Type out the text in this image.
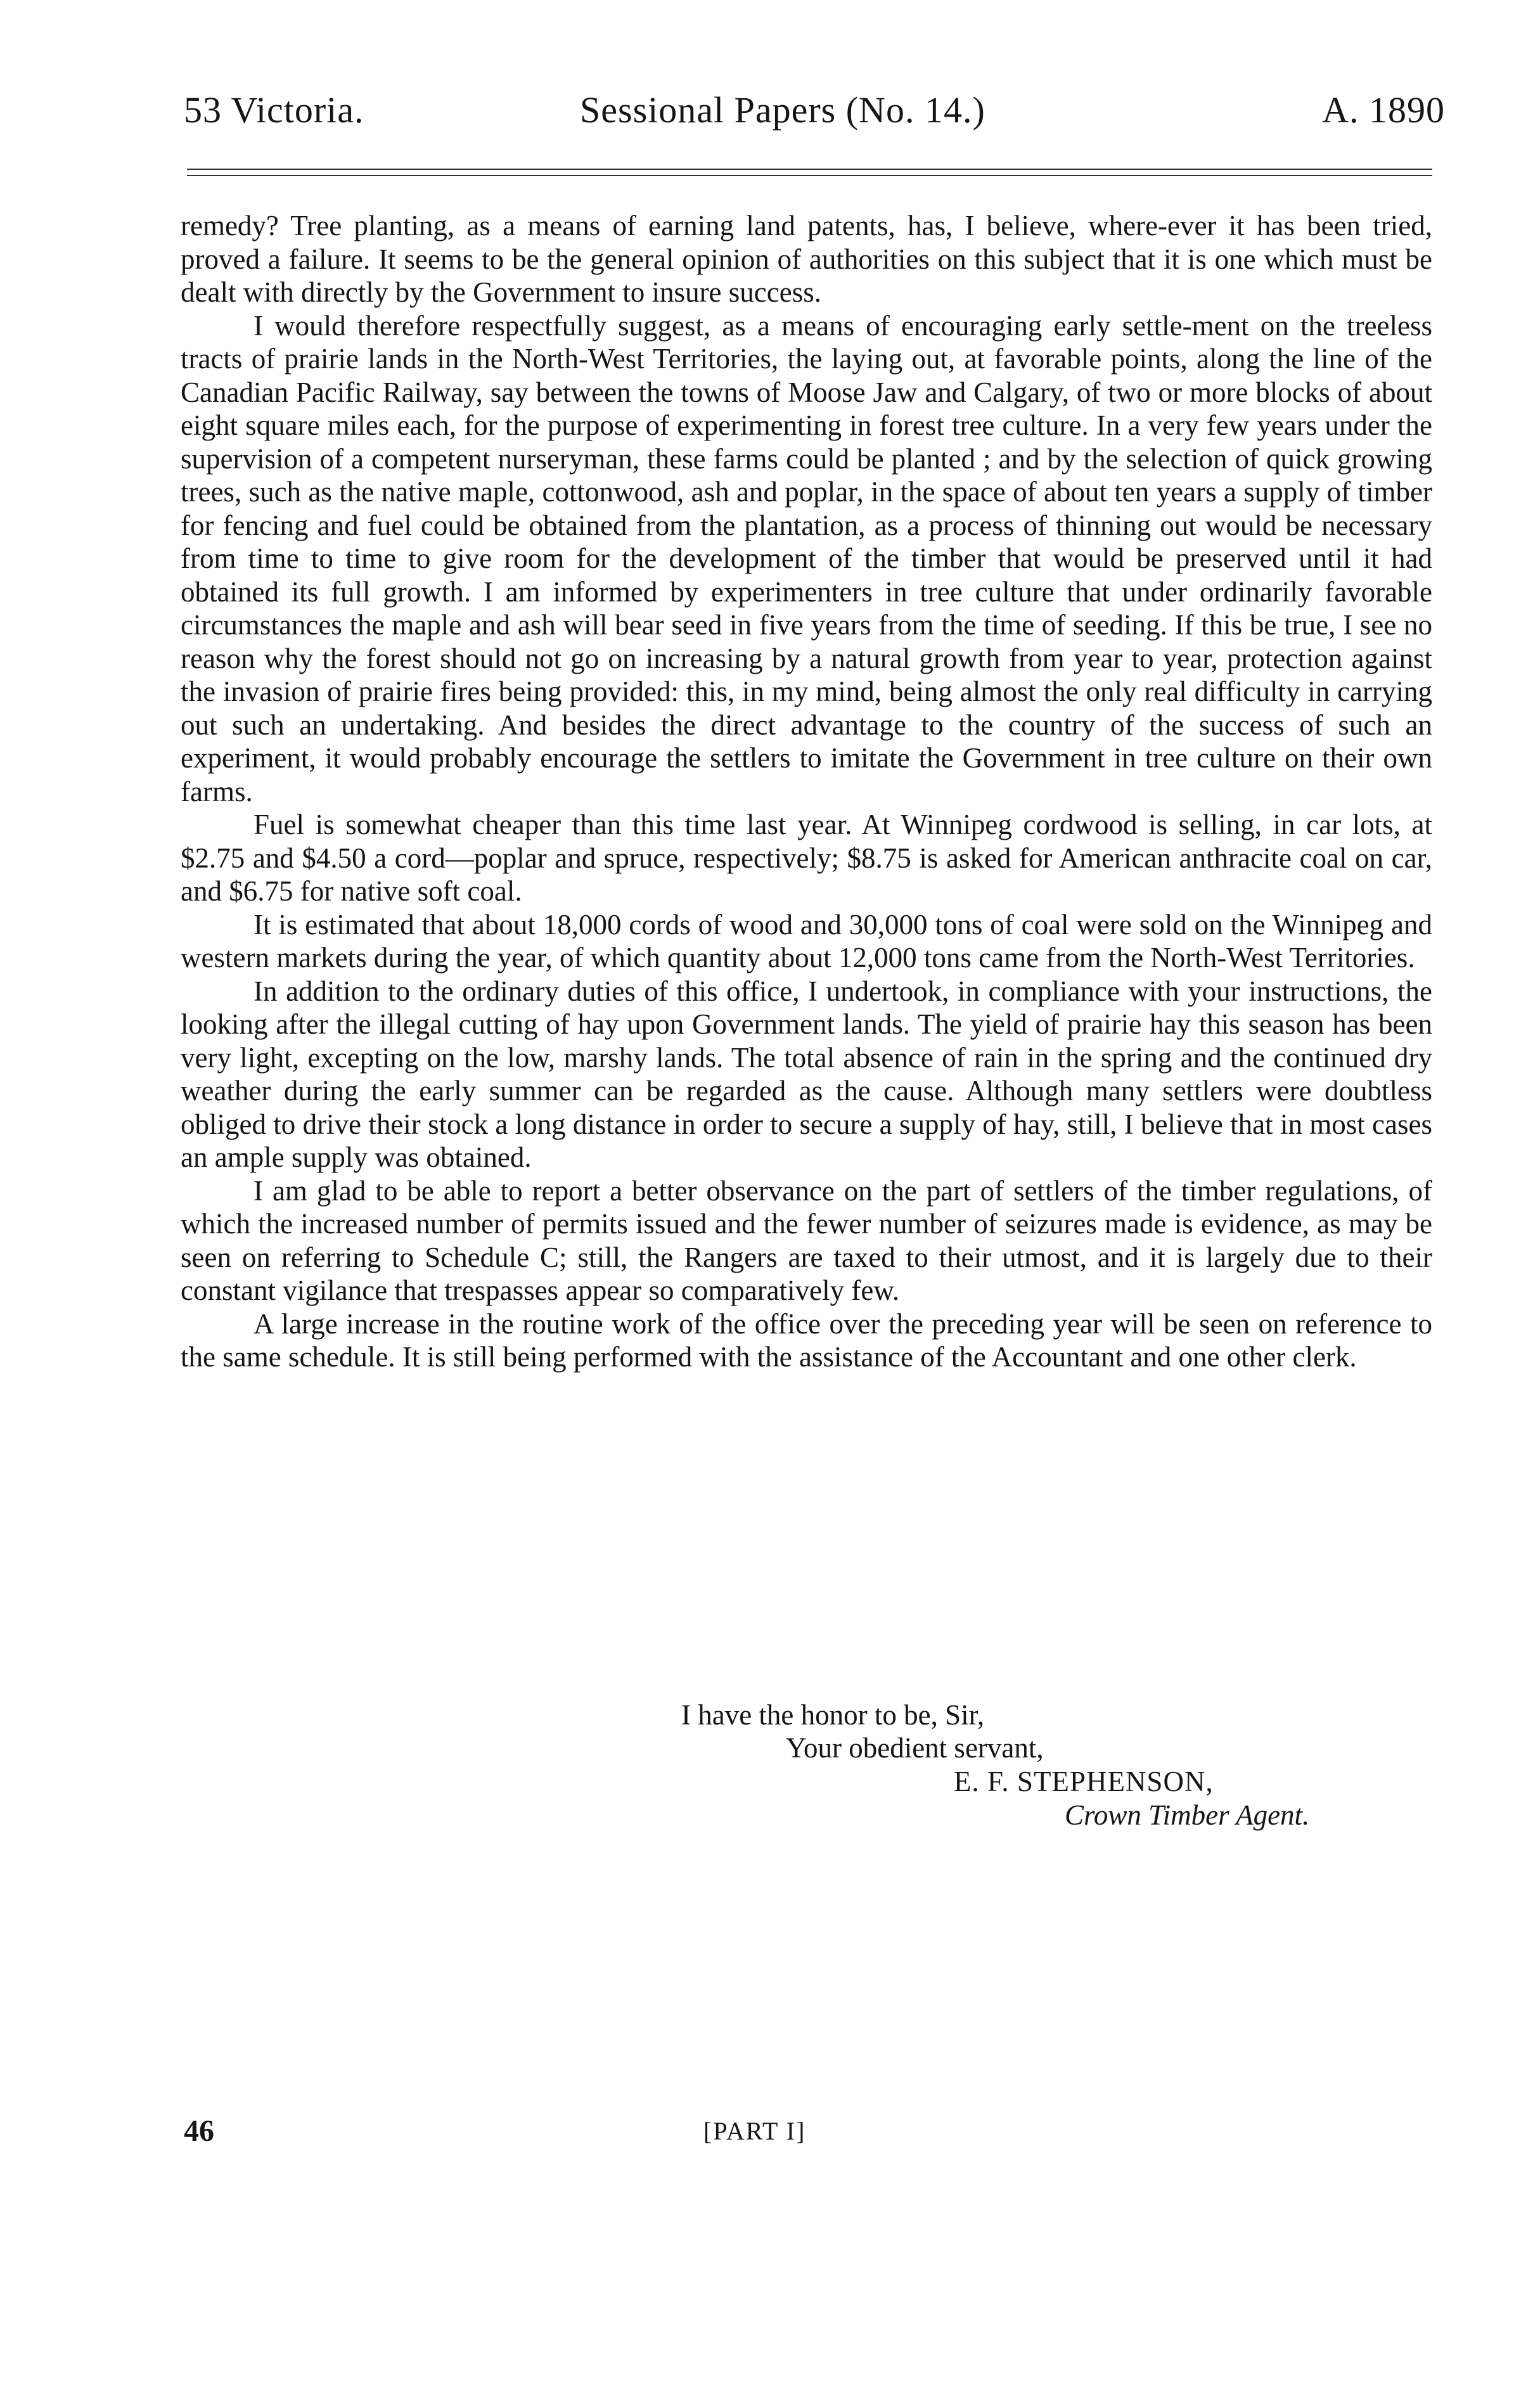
53 Victoria.	Sessional Papers (No. 14.)	A. 1890

remedy? Tree planting, as a means of earning land patents, has, I believe, where-ever it has been tried, proved a failure. It seems to be the general opinion of authorities on this subject that it is one which must be dealt with directly by the Government to insure success.

I would therefore respectfully suggest, as a means of encouraging early settle-ment on the treeless tracts of prairie lands in the North-West Territories, the laying out, at favorable points, along the line of the Canadian Pacific Railway, say between the towns of Moose Jaw and Calgary, of two or more blocks of about eight square miles each, for the purpose of experimenting in forest tree culture. In a very few years under the supervision of a competent nurseryman, these farms could be planted ; and by the selection of quick growing trees, such as the native maple, cottonwood, ash and poplar, in the space of about ten years a supply of timber for fencing and fuel could be obtained from the plantation, as a process of thinning out would be necessary from time to time to give room for the development of the timber that would be preserved until it had obtained its full growth. I am informed by experimenters in tree culture that under ordinarily favorable circumstances the maple and ash will bear seed in five years from the time of seeding. If this be true, I see no reason why the forest should not go on increasing by a natural growth from year to year, protection against the invasion of prairie fires being provided: this, in my mind, being almost the only real difficulty in carrying out such an undertaking. And besides the direct advantage to the country of the success of such an experiment, it would probably encourage the settlers to imitate the Government in tree culture on their own farms.

Fuel is somewhat cheaper than this time last year. At Winnipeg cordwood is selling, in car lots, at $2.75 and $4.50 a cord—poplar and spruce, respectively; $8.75 is asked for American anthracite coal on car, and $6.75 for native soft coal.

It is estimated that about 18,000 cords of wood and 30,000 tons of coal were sold on the Winnipeg and western markets during the year, of which quantity about 12,000 tons came from the North-West Territories.

In addition to the ordinary duties of this office, I undertook, in compliance with your instructions, the looking after the illegal cutting of hay upon Government lands. The yield of prairie hay this season has been very light, excepting on the low, marshy lands. The total absence of rain in the spring and the continued dry weather during the early summer can be regarded as the cause. Although many settlers were doubtless obliged to drive their stock a long distance in order to secure a supply of hay, still, I believe that in most cases an ample supply was obtained.

I am glad to be able to report a better observance on the part of settlers of the timber regulations, of which the increased number of permits issued and the fewer number of seizures made is evidence, as may be seen on referring to Schedule C; still, the Rangers are taxed to their utmost, and it is largely due to their constant vigilance that trespasses appear so comparatively few.

A large increase in the routine work of the office over the preceding year will be seen on reference to the same schedule. It is still being performed with the assistance of the Accountant and one other clerk.

I have the honor to be, Sir,
Your obedient servant,
E. F. STEPHENSON,
Crown Timber Agent.
46	[PART I]
